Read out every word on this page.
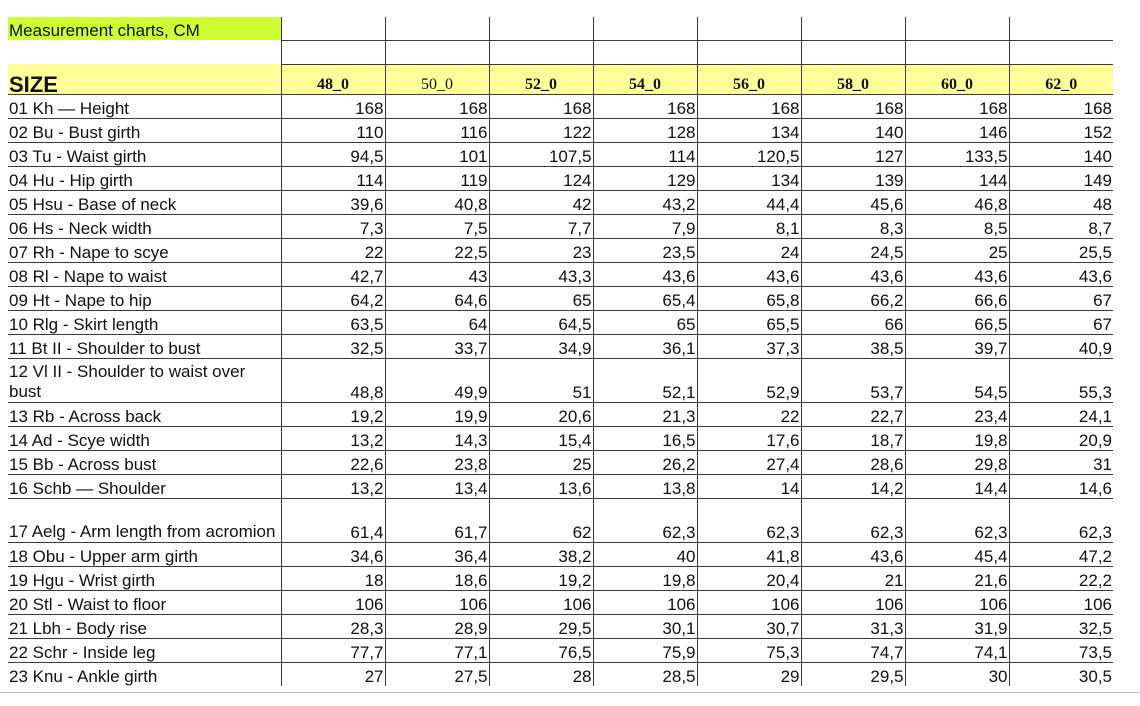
Measurement charts, CM								

SIZE	48_0	50_0	52_0	54_0	56_0	58_0	60_0	62_0
01 Kh — Height	168	168	168	168	168	168	168	168
02 Bu - Bust girth	110	116	122	128	134	140	146	152
03 Tu - Waist girth	94,5	101	107,5	114	120,5	127	133,5	140
04 Hu - Hip girth	114	119	124	129	134	139	144	149
05 Hsu - Base of neck	39,6	40,8	42	43,2	44,4	45,6	46,8	48
06 Hs - Neck width	7,3	7,5	7,7	7,9	8,1	8,3	8,5	8,7
07 Rh - Nape to scye	22	22,5	23	23,5	24	24,5	25	25,5
08 Rl - Nape to waist	42,7	43	43,3	43,6	43,6	43,6	43,6	43,6
09 Ht - Nape to hip	64,2	64,6	65	65,4	65,8	66,2	66,6	67
10 Rlg - Skirt length	63,5	64	64,5	65	65,5	66	66,5	67
11 Bt II - Shoulder to bust	32,5	33,7	34,9	36,1	37,3	38,5	39,7	40,9
12 Vl II - Shoulder to waist over bust	48,8	49,9	51	52,1	52,9	53,7	54,5	55,3
13 Rb - Across back	19,2	19,9	20,6	21,3	22	22,7	23,4	24,1
14 Ad - Scye width	13,2	14,3	15,4	16,5	17,6	18,7	19,8	20,9
15 Bb - Across bust	22,6	23,8	25	26,2	27,4	28,6	29,8	31
16 Schb — Shoulder	13,2	13,4	13,6	13,8	14	14,2	14,4	14,6
17 Aelg - Arm length from acromion	61,4	61,7	62	62,3	62,3	62,3	62,3	62,3
18 Obu - Upper arm girth	34,6	36,4	38,2	40	41,8	43,6	45,4	47,2
19 Hgu - Wrist girth	18	18,6	19,2	19,8	20,4	21	21,6	22,2
20 Stl - Waist to floor	106	106	106	106	106	106	106	106
21 Lbh - Body rise	28,3	28,9	29,5	30,1	30,7	31,3	31,9	32,5
22 Schr - Inside leg	77,7	77,1	76,5	75,9	75,3	74,7	74,1	73,5
23 Knu - Ankle girth	27	27,5	28	28,5	29	29,5	30	30,5
